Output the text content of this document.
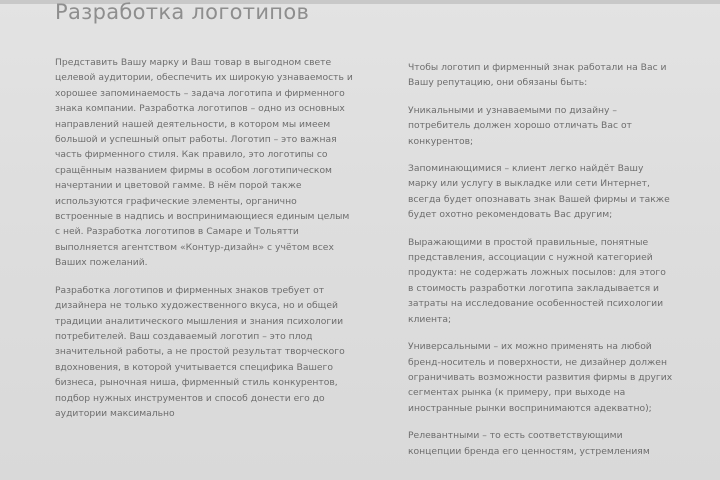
Разработка логотипов

Представить Вашу марку и Ваш товар в выгодном свете целевой аудитории, обеспечить их широкую узнаваемость и хорошее запоминаемость – задача логотипа и фирменного знака компании. Разработка логотипов – одно из основных направлений нашей деятельности, в котором мы имеем большой и успешный опыт работы. Логотип – это важная часть фирменного стиля. Как правило, это логотипы со сращённым названием фирмы в особом логотипическом начертании и цветовой гамме. В нём порой также используются графические элементы, органично встроенные в надпись и воспринимающиеся единым целым с ней. Разработка логотипов в Самаре и Тольятти выполняется агентством «Контур-дизайн» с учётом всех Ваших пожеланий.

Разработка логотипов и фирменных знаков требует от дизайнера не только художественного вкуса, но и общей традиции аналитического мышления и знания психологии потребителей. Ваш создаваемый логотип – это плод значительной работы, а не простой результат творческого вдохновения, в которой учитывается специфика Вашего бизнеса, рыночная ниша, фирменный стиль конкурентов, подбор нужных инструментов и способ донести его до аудитории максимально

Чтобы логотип и фирменный знак работали на Вас и Вашу репутацию, они обязаны быть:

Уникальными и узнаваемыми по дизайну – потребитель должен хорошо отличать Вас от конкурентов;

Запоминающимися – клиент легко найдёт Вашу марку или услугу в выкладке или сети Интернет, всегда будет опознавать знак Вашей фирмы и также будет охотно рекомендовать Вас другим;

Выражающими в простой правильные, понятные представления, ассоциации с нужной категорией продукта: не содержать ложных посылов: для этого в стоимость разработки логотипа закладывается и затраты на исследование особенностей психологии клиента;

Универсальными – их можно применять на любой бренд-носитель и поверхности, не дизайнер должен ограничивать возможности развития фирмы в других сегментах рынка (к примеру, при выходе на иностранные рынки воспринимаются адекватно);

Релевантными – то есть соответствующими концепции бренда его ценностям, устремлениям
